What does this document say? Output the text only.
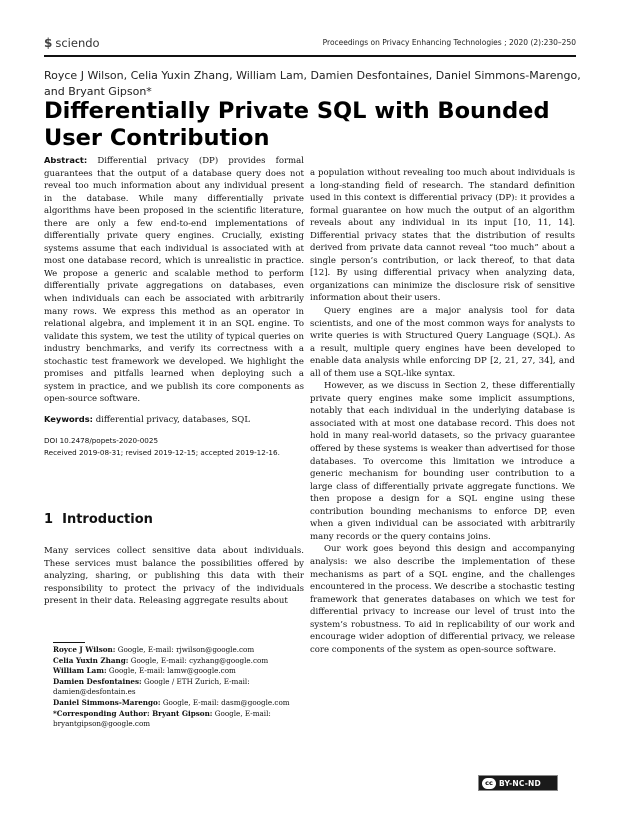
$ sciendo	Proceedings on Privacy Enhancing Technologies ; 2020 (2):230–250
Royce J Wilson, Celia Yuxin Zhang, William Lam, Damien Desfontaines, Daniel Simmons-Marengo, and Bryant Gipson*
Differentially Private SQL with Bounded User Contribution

Abstract: Differential privacy (DP) provides formal guarantees that the output of a database query does not reveal too much information about any individual present in the database. While many differentially private algorithms have been proposed in the scientific literature, there are only a few end-to-end implementations of differentially private query engines. Crucially, existing systems assume that each individual is associated with at most one database record, which is unrealistic in practice. We propose a generic and scalable method to perform differentially private aggregations on databases, even when individuals can each be associated with arbitrarily many rows. We express this method as an operator in relational algebra, and implement it in an SQL engine. To validate this system, we test the utility of typical queries on industry benchmarks, and verify its correctness with a stochastic test framework we developed. We highlight the promises and pitfalls learned when deploying such a system in practice, and we publish its core components as open-source software.

Keywords: differential privacy, databases, SQL

DOI 10.2478/popets-2020-0025
Received 2019-08-31; revised 2019-12-15; accepted 2019-12-16.
1 Introduction

Many services collect sensitive data about individuals. These services must balance the possibilities offered by analyzing, sharing, or publishing this data with their responsibility to protect the privacy of the individuals present in their data. Releasing aggregate results about

Royce J Wilson: Google, E-mail: rjwilson@google.com

Celia Yuxin Zhang: Google, E-mail: cyzhang@google.com

William Lam: Google, E-mail: lamw@google.com

Damien Desfontaines: Google / ETH Zurich, E-mail: damien@desfontain.es

Daniel Simmons-Marengo: Google, E-mail: dasm@google.com

*Corresponding Author: Bryant Gipson: Google, E-mail: bryantgipson@google.com

a population without revealing too much about individuals is a long-standing field of research. The standard definition used in this context is differential privacy (DP): it provides a formal guarantee on how much the output of an algorithm reveals about any individual in its input [10, 11, 14]. Differential privacy states that the distribution of results derived from private data cannot reveal “too much” about a single person’s contribution, or lack thereof, to that data [12]. By using differential privacy when analyzing data, organizations can minimize the disclosure risk of sensitive information about their users.

Query engines are a major analysis tool for data scientists, and one of the most common ways for analysts to write queries is with Structured Query Language (SQL). As a result, multiple query engines have been developed to enable data analysis while enforcing DP [2, 21, 27, 34], and all of them use a SQL-like syntax.

However, as we discuss in Section 2, these differentially private query engines make some implicit assumptions, notably that each individual in the underlying database is associated with at most one database record. This does not hold in many real-world datasets, so the privacy guarantee offered by these systems is weaker than advertised for those databases. To overcome this limitation we introduce a generic mechanism for bounding user contribution to a large class of differentially private aggregate functions. We then propose a design for a SQL engine using these contribution bounding mechanisms to enforce DP, even when a given individual can be associated with arbitrarily many records or the query contains joins.

Our work goes beyond this design and accompanying analysis: we also describe the implementation of these mechanisms as part of a SQL engine, and the challenges encountered in the process. We describe a stochastic testing framework that generates databases on which we test for differential privacy to increase our level of trust into the system’s robustness. To aid in replicability of our work and encourage wider adoption of differential privacy, we release core components of the system as open-source software.

cc BY-NC-ND
